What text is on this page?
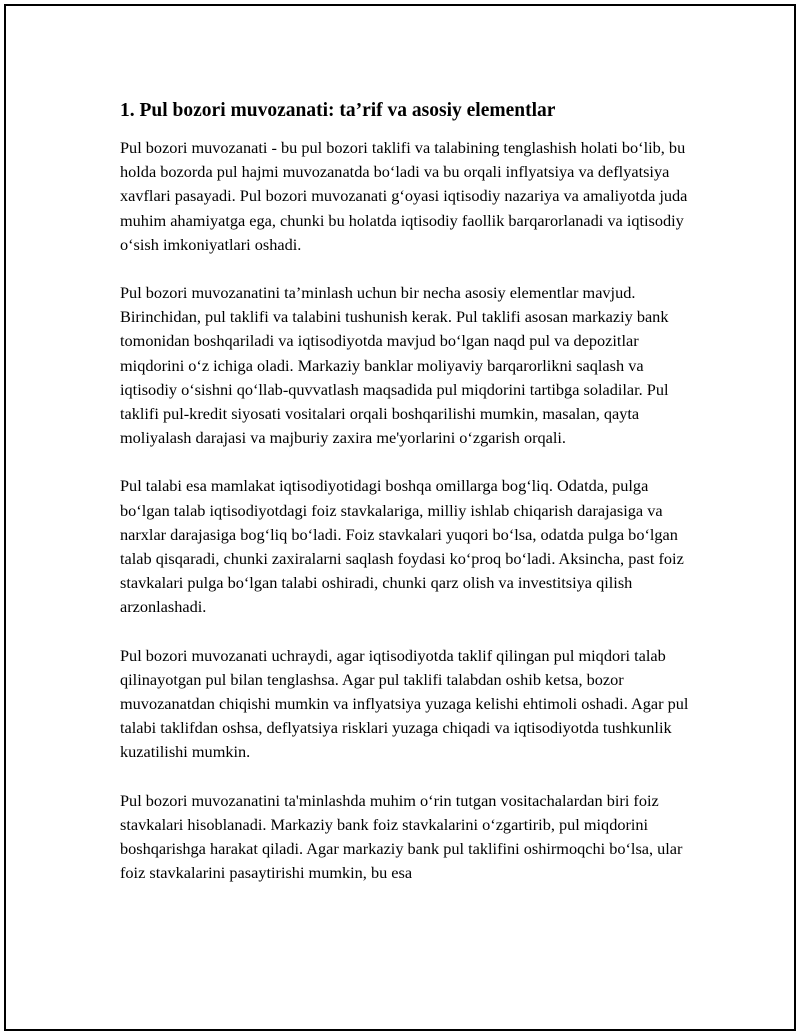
1. Pul bozori muvozanati: ta’rif va asosiy elementlar

Pul bozori muvozanati - bu pul bozori taklifi va talabining tenglashish holati bo‘lib, bu holda bozorda pul hajmi muvozanatda bo‘ladi va bu orqali inflyatsiya va deflyatsiya xavflari pasayadi. Pul bozori muvozanati g‘oyasi iqtisodiy nazariya va amaliyotda juda muhim ahamiyatga ega, chunki bu holatda iqtisodiy faollik barqarorlanadi va iqtisodiy o‘sish imkoniyatlari oshadi.

Pul bozori muvozanatini ta’minlash uchun bir necha asosiy elementlar mavjud. Birinchidan, pul taklifi va talabini tushunish kerak. Pul taklifi asosan markaziy bank tomonidan boshqariladi va iqtisodiyotda mavjud bo‘lgan naqd pul va depozitlar miqdorini o‘z ichiga oladi. Markaziy banklar moliyaviy barqarorlikni saqlash va iqtisodiy o‘sishni qo‘llab-quvvatlash maqsadida pul miqdorini tartibga soladilar. Pul taklifi pul-kredit siyosati vositalari orqali boshqarilishi mumkin, masalan, qayta moliyalash darajasi va majburiy zaxira me'yorlarini o‘zgarish orqali.

Pul talabi esa mamlakat iqtisodiyotidagi boshqa omillarga bog‘liq. Odatda, pulga bo‘lgan talab iqtisodiyotdagi foiz stavkalariga, milliy ishlab chiqarish darajasiga va narxlar darajasiga bog‘liq bo‘ladi. Foiz stavkalari yuqori bo‘lsa, odatda pulga bo‘lgan talab qisqaradi, chunki zaxiralarni saqlash foydasi ko‘proq bo‘ladi. Aksincha, past foiz stavkalari pulga bo‘lgan talabi oshiradi, chunki qarz olish va investitsiya qilish arzonlashadi.

Pul bozori muvozanati uchraydi, agar iqtisodiyotda taklif qilingan pul miqdori talab qilinayotgan pul bilan tenglashsa. Agar pul taklifi talabdan oshib ketsa, bozor muvozanatdan chiqishi mumkin va inflyatsiya yuzaga kelishi ehtimoli oshadi. Agar pul talabi taklifdan oshsa, deflyatsiya risklari yuzaga chiqadi va iqtisodiyotda tushkunlik kuzatilishi mumkin.

Pul bozori muvozanatini ta'minlashda muhim o‘rin tutgan vositachalardan biri foiz stavkalari hisoblanadi. Markaziy bank foiz stavkalarini o‘zgartirib, pul miqdorini boshqarishga harakat qiladi. Agar markaziy bank pul taklifini oshirmoqchi bo‘lsa, ular foiz stavkalarini pasaytirishi mumkin, bu esa
